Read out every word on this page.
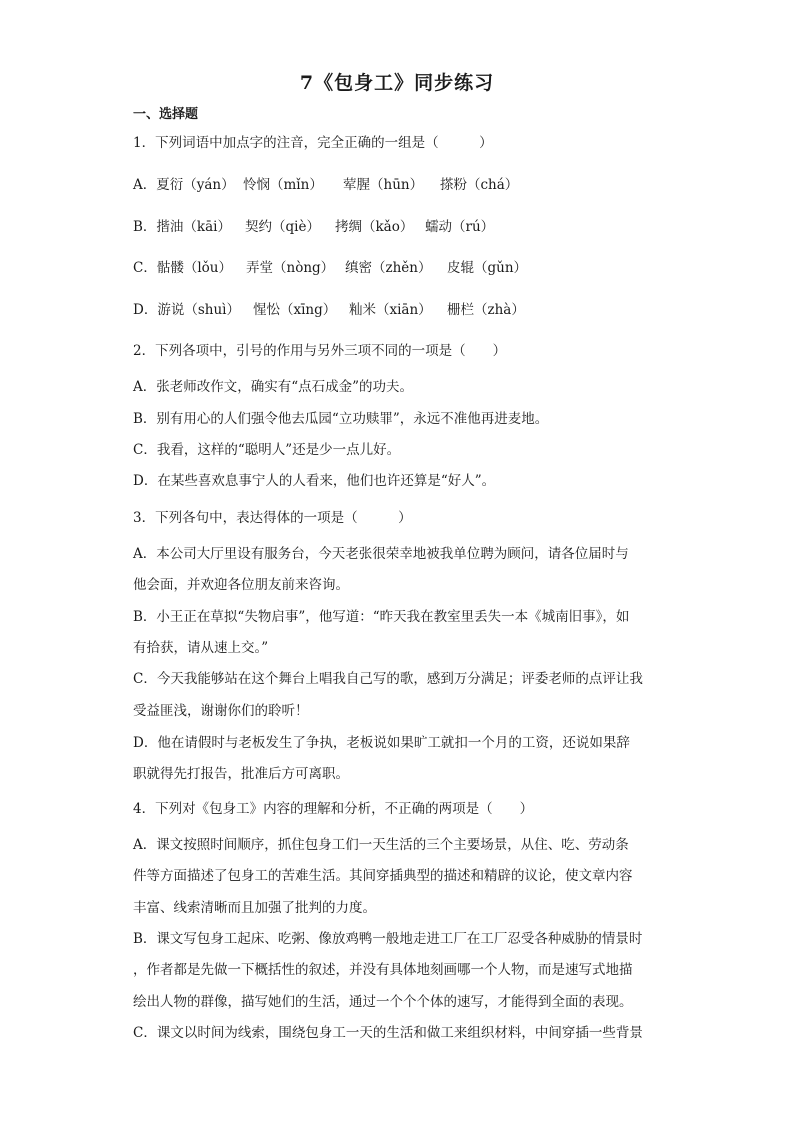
7《包身工》同步练习
一、选择题
1．下列词语中加点字的注音，完全正确的一组是（　　　）
A．夏衍（yán） 怜悯（mǐn） 荤腥（hūn） 搽粉（chá）
B．揩油（kāi） 契约（qiè） 拷绸（kǎo） 蠕动（rú）
C．骷髅（lǒu） 弄堂（nòng） 缜密（zhěn） 皮辊（gǔn）
D．游说（shuì） 惺忪（xīng） 籼米（xiān） 栅栏（zhà）
2．下列各项中，引号的作用与另外三项不同的一项是（　　）
A．张老师改作文，确实有“点石成金”的功夫。
B．别有用心的人们强令他去瓜园“立功赎罪”，永远不准他再进麦地。
C．我看，这样的“聪明人”还是少一点儿好。
D．在某些喜欢息事宁人的人看来，他们也许还算是“好人”。
3．下列各句中，表达得体的一项是（　　　）
A．本公司大厅里设有服务台，今天老张很荣幸地被我单位聘为顾问，请各位届时与
他会面，并欢迎各位朋友前来咨询。
B．小王正在草拟“失物启事”，他写道：“昨天我在教室里丢失一本《城南旧事》，如
有拾获，请从速上交。”
C．今天我能够站在这个舞台上唱我自己写的歌，感到万分满足；评委老师的点评让我
受益匪浅，谢谢你们的聆听！
D．他在请假时与老板发生了争执，老板说如果旷工就扣一个月的工资，还说如果辞
职就得先打报告，批准后方可离职。
4．下列对《包身工》内容的理解和分析，不正确的两项是（　　）
A．课文按照时间顺序，抓住包身工们一天生活的三个主要场景，从住、吃、劳动条
件等方面描述了包身工的苦难生活。其间穿插典型的描述和精辟的议论，使文章内容
丰富、线索清晰而且加强了批判的力度。
B．课文写包身工起床、吃粥、像放鸡鸭一般地走进工厂在工厂忍受各种威胁的情景时
，作者都是先做一下概括性的叙述，并没有具体地刻画哪一个人物，而是速写式地描
绘出人物的群像，描写她们的生活，通过一个个个体的速写，才能得到全面的表现。
C．课文以时间为线索，围绕包身工一天的生活和做工来组织材料，中间穿插一些背景
